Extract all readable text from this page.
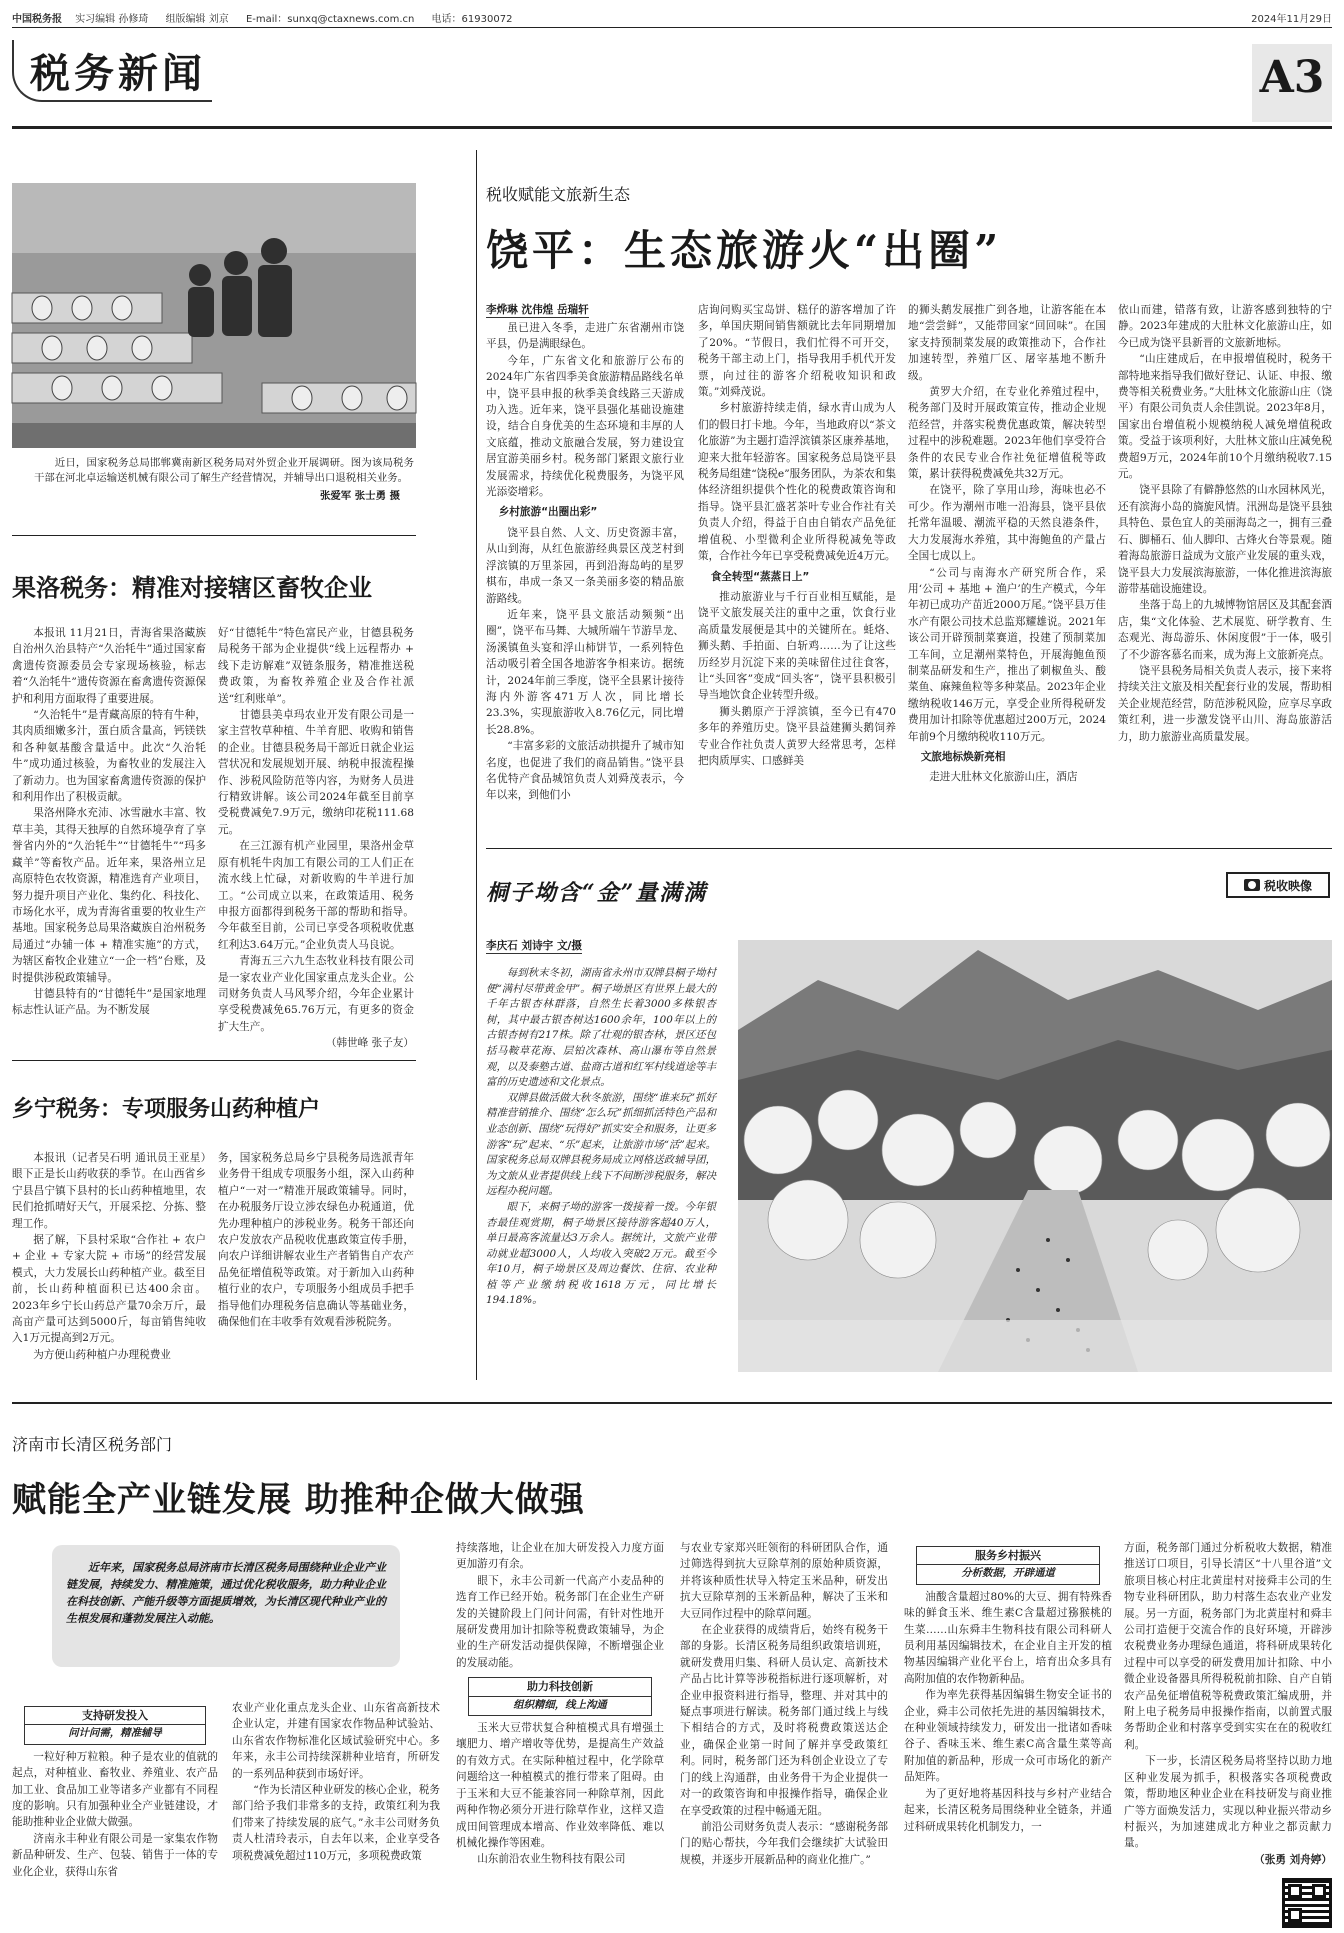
中国税务报 实习编辑 孙修琦 组版编辑 刘京 E-mail：sunxq@ctaxnews.com.cn 电话：61930072	2024年11月29日
税务新闻	A3
近日，国家税务总局邯郸冀南新区税务局对外贸企业开展调研。图为该局税务干部在河北卓运输送机械有限公司了解生产经营情况，并辅导出口退税相关业务。
张爱军 张士勇 摄
果洛税务：精准对接辖区畜牧企业

本报讯 11月21日，青海省果洛藏族自治州久治县特产“久治牦牛”通过国家畜禽遗传资源委员会专家现场核验，标志着“久治牦牛”遗传资源在畜禽遗传资源保护和利用方面取得了重要进展。

“久治牦牛”是青藏高原的特有牛种，其肉质细嫩多汁，蛋白质含量高，钙镁铁和各种氨基酸含量适中。此次“久治牦牛”成功通过核验，为畜牧业的发展注入了新动力。也为国家畜禽遗传资源的保护和利用作出了积极贡献。

果洛州降水充沛、冰雪融水丰富、牧草丰美，其得天独厚的自然环境孕育了享誉省内外的“久治牦牛”“甘德牦牛”“玛多藏羊”等畜牧产品。近年来，果洛州立足高原特色农牧资源，精准选育产业项目，努力提升项目产业化、集约化、科技化、市场化水平，成为青海省重要的牧业生产基地。国家税务总局果洛藏族自治州税务局通过“办辅一体 + 精准实施”的方式，为辖区畜牧企业建立“一企一档”台账，及时提供涉税政策辅导。

甘德县特有的“甘德牦牛”是国家地理标志性认证产品。为不断发展

好“甘德牦牛”特色富民产业，甘德县税务局税务干部为企业提供“线上远程帮办 + 线下走访解难”双链条服务，精准推送税费政策，为畜牧养殖企业及合作社派送“红利账单”。

甘德县美卓玛农业开发有限公司是一家主营牧草种植、牛羊育肥、收购和销售的企业。甘德县税务局干部近日就企业运营状况和发展规划开展、纳税申报流程操作、涉税风险防范等内容，为财务人员进行精致讲解。该公司2024年截至目前享受税费减免7.9万元，缴纳印花税111.68元。

在三江源有机产业园里，果洛州金草原有机牦牛肉加工有限公司的工人们正在流水线上忙碌，对新收购的牛羊进行加工。“公司成立以来，在政策适用、税务申报方面都得到税务干部的帮助和指导。今年截至目前，公司已享受各项税收优惠红利达3.64万元。”企业负责人马良说。

青海五三六九生态牧业科技有限公司是一家农业产业化国家重点龙头企业。公司财务负责人马风琴介绍，今年企业累计享受税费减免65.76万元，有更多的资金扩大生产。

（韩世峰 张子友）
乡宁税务：专项服务山药种植户

本报讯（记者吴石明 通讯员王亚星）眼下正是长山药收获的季节。在山西省乡宁县昌宁镇下县村的长山药种植地里，农民们抢抓晴好天气，开展采挖、分拣、整理工作。

据了解，下县村采取“合作社 + 农户 + 企业 + 专家大院 + 市场”的经营发展模式，大力发展长山药种植产业。截至目前，长山药种植面积已达400余亩。2023年乡宁长山药总产量70余万斤，最高亩产量可达到5000斤，每亩销售纯收入1万元提高到2万元。

为方便山药种植户办理税费业

务，国家税务总局乡宁县税务局选派青年业务骨干组成专项服务小组，深入山药种植户“一对一”精准开展政策辅导。同时，在办税服务厅设立涉农绿色办税通道，优先办理种植户的涉税业务。税务干部还向农户发放农产品税收优惠政策宣传手册，向农户详细讲解农业生产者销售自产农产品免征增值税等政策。对于新加入山药种植行业的农户，专项服务小组成员手把手指导他们办理税务信息确认等基础业务，确保他们在丰收季有效观看涉税院务。

税收赋能文旅新生态
饶平：生态旅游火“出圈”
李烨琳 沈伟煌 岳瑞轩

虽已进入冬季，走进广东省潮州市饶平县，仍是满眼绿色。

今年，广东省文化和旅游厅公布的2024年广东省四季美食旅游精品路线名单中，饶平县申报的秋季美食线路三天游成功入选。近年来，饶平县强化基础设施建设，结合自身优美的生态环境和丰厚的人文底蕴，推动文旅融合发展，努力建设宜居宜游美丽乡村。税务部门紧跟文旅行业发展需求，持续优化税费服务，为饶平风光添姿增彩。

乡村旅游“出圈出彩”

饶平县自然、人文、历史资源丰富，从山到海，从红色旅游经典景区茂芝村到浮滨镇的万里茶园，再到沿海岛屿的星罗棋布，串成一条又一条美丽多姿的精品旅游路线。

近年来，饶平县文旅活动频频“出圈”，饶平布马舞、大城所端午节游旱龙、汤溪镇鱼头宴和浮山柿饼节，一系列特色活动吸引着全国各地游客争相来访。据统计，2024年前三季度，饶平全县累计接待海内外游客471万人次，同比增长23.3%，实现旅游收入8.76亿元，同比增长28.8%。

“丰富多彩的文旅活动拱提升了城市知名度，也促进了我们的商品销售。”饶平县名优特产食品城馆负责人刘舜茂表示，今年以来，到他们小

店询问购买宝岛饼、糕仔的游客增加了许多，单国庆期间销售额就比去年同期增加了20%。“节假日，我们忙得不可开交，税务干部主动上门，指导我用手机代开发票，向过往的游客介绍税收知识和政策。”刘舜茂说。

乡村旅游持续走俏，绿水青山成为人们的假日打卡地。今年，当地政府以“茶文化旅游”为主题打造浮滨镇茶区康养基地，迎来大批年轻游客。国家税务总局饶平县税务局组建“饶税e”服务团队，为茶农和集体经济组织提供个性化的税费政策咨询和指导。饶平县汇盛茗茶叶专业合作社有关负责人介绍，得益于自由自销农产品免征增值税、小型微利企业所得税减免等政策，合作社今年已享受税费减免近4万元。

食全转型“蒸蒸日上”

推动旅游业与千行百业相互赋能，是饶平文旅发展关注的重中之重，饮食行业高质量发展便是其中的关键所在。蚝烙、狮头鹅、手拍面、白斩鸡……为了让这些历经岁月沉淀下来的美味留住过往食客，让“头回客”变成“回头客”，饶平县积极引导当地饮食企业转型升级。

狮头鹅原产于浮滨镇，至今已有470多年的养殖历史。饶平县益建狮头鹅饲养专业合作社负责人黄罗大经常思考，怎样把肉质厚实、口感鲜美

的狮头鹅发展推广到各地，让游客能在本地“尝尝鲜”，又能带回家“回回味”。在国家支持预制菜发展的政策推动下，合作社加速转型，养殖厂区、屠宰基地不断升级。

黄罗大介绍，在专业化养殖过程中，税务部门及时开展政策宣传，推动企业规范经营，并落实税费优惠政策，解决转型过程中的涉税难题。2023年他们享受符合条件的农民专业合作社免征增值税等政策，累计获得税费减免共32万元。

在饶平，除了享用山珍，海味也必不可少。作为潮州市唯一沿海县，饶平县依托常年温暖、潮流平稳的天然良港条件，大力发展海水养殖，其中海鲍鱼的产量占全国七成以上。

“公司与南海水产研究所合作，采用‘公司 + 基地 + 渔户’的生产模式，今年年初已成功产苗近2000万尾。”饶平县万佳水产有限公司技术总监郑耀雄说。2021年该公司开辟预制菜赛道，投建了预制菜加工车间，立足潮州菜特色，开展海鲍鱼预制菜品研发和生产，推出了刺椒鱼头、酸菜鱼、麻辣鱼粒等多种菜品。2023年企业缴纳税收146万元，享受企业所得税研发费用加计扣除等优惠超过200万元，2024年前9个月缴纳税收110万元。

文旅地标焕新亮相

走进大肚林文化旅游山庄，酒店

依山而建，错落有致，让游客感到独特的宁静。2023年建成的大肚林文化旅游山庄，如今已成为饶平县新晋的文旅新地标。

“山庄建成后，在申报增值税时，税务干部特地来指导我们做好登记、认证、申报、缴费等相关税费业务。”大肚林文化旅游山庄（饶平）有限公司负责人余佳凯说。2023年8月，国家出台增值税小规模纳税人减免增值税政策。受益于该项利好，大肚林文旅山庄减免税费超9万元，2024年前10个月缴纳税收7.15元。

饶平县除了有僻静悠然的山水园林风光，还有滨海小岛的旖旎风情。汛洲岛是饶平县独具特色、景色宜人的美丽海岛之一，拥有三叠石、脚桶石、仙人脚印、古烽火台等景观。随着海岛旅游日益成为文旅产业发展的重头戏，饶平县大力发展滨海旅游，一体化推进滨海旅游带基础设施建设。

坐落于岛上的九城博物馆居区及其配套酒店，集“文化体验、艺术展览、研学教育、生态观光、海岛游乐、休闲度假”于一体，吸引了不少游客慕名而来，成为海上文旅新亮点。

饶平县税务局相关负责人表示，接下来将持续关注文旅及相关配套行业的发展，帮助相关企业规范经营，防范涉税风险，应享尽享政策红利，进一步激发饶平山川、海岛旅游活力，助力旅游业高质量发展。

桐子坳含“金”量满满	税收映像
李庆石 刘诗宇 文/摄

每到秋末冬初，湖南省永州市双牌县桐子坳村便“满村尽带黄金甲”。桐子坳景区有世界上最大的千年古银杏林群落，自然生长着3000多株银杏树，其中最古银杏树达1600余年，100年以上的古银杏树有217株。除了壮观的银杏林，景区还包括马鞍草花海、层铂次森林、高山瀑布等自然景观，以及泰塾古道、盐商古道和红军村线道途等丰富的历史遗迹和文化景点。

双牌县做活做大秋冬旅游，围绕“谁来玩”抓好精准营销推介、围绕“怎么玩”抓细抓活特色产品和业态创新、围绕“玩得好”抓实安全和服务，让更多游客“玩”起来、“乐”起来，让旅游市场“活”起来。国家税务总局双牌县税务局成立网格送政辅导团，为文旅从业者提供线上线下不间断涉税服务，解决远程办税问题。

眼下，来桐子坳的游客一拨接着一拨。今年银杏最佳观赏期，桐子坳景区接待游客超40万人，单日最高客流量达3万余人。据统计，文旅产业带动就业超3000人，人均收入突破2万元。截至今年10月，桐子坳景区及周边餐饮、住宿、农业种植等产业缴纳税收1618万元，同比增长194.18%。

济南市长清区税务部门
赋能全产业链发展 助推种企做大做强
近年来，国家税务总局济南市长清区税务局围绕种业企业产业链发展，持续发力、精准施策，通过优化税收服务，助力种业企业在科技创新、产能升级等方面提质增效，为长清区现代种业产业的生根发展和蓬勃发展注入动能。
支持研发投入
问计问需，精准辅导

一粒好种万粒粮。种子是农业的值就的起点，对种植业、畜牧业、养殖业、农产品加工业、食品加工业等诸多产业都有不同程度的影响。只有加强种业全产业链建设，才能助推种业企业做大做强。

济南永丰种业有限公司是一家集农作物新品种研发、生产、包装、销售于一体的专业化企业，获得山东省

农业产业化重点龙头企业、山东省高新技术企业认定，并建有国家农作物品种试验站、山东省农作物标准化区域试验研究中心。多年来，永丰公司持续深耕种业培育，所研发的一系列品种获到市场好评。

“作为长清区种业研发的核心企业，税务部门给予我们非常多的支持，政策红利为我们带来了持续发展的底气。”永丰公司财务负责人杜清玲表示，自去年以来，企业享受各项税费减免超过110万元，多项税费政策

持续落地，让企业在加大研发投入力度方面更加游刃有余。

眼下，永丰公司新一代高产小麦品种的选育工作已经开始。税务部门在企业生产研发的关键阶段上门问计问需，有针对性地开展研发费用加计扣除等税费政策辅导，为企业的生产研发活动提供保障，不断增强企业的发展动能。

助力科技创新
组织精细，线上沟通

玉米大豆带状复合种植模式具有增强土壤肥力、增产增收等优势，是提高生产效益的有效方式。在实际种植过程中，化学除草问题给这一种植模式的推行带来了阻碍。由于玉米和大豆不能兼容同一种除草剂，因此两种作物必须分开进行除草作业，这样又造成田间管理成本增高、作业效率降低、难以机械化操作等困难。

山东前沿农业生物科技有限公司

与农业专家郑兴旺领衔的科研团队合作，通过筛选得到抗大豆除草剂的原始种质资源，并将该种质性状导入特定玉米品种，研发出抗大豆除草剂的玉米新品种，解决了玉米和大豆同作过程中的除草问题。

在企业获得的成绩背后，始终有税务干部的身影。长清区税务局组织政策培训班，就研发费用归集、科研人员认定、高新技术产品占比计算等涉税指标进行逐项解析，对企业申报资料进行指导，整理、并对其中的疑点事项进行解读。税务部门通过线上与线下相结合的方式，及时将税费政策送达企业，确保企业第一时间了解并享受政策红利。同时，税务部门还为科创企业设立了专门的线上沟通群，由业务骨干为企业提供一对一的政策咨询和申报操作指导，确保企业在享受政策的过程中畅通无阻。

前沿公司财务负责人表示：“感谢税务部门的贴心帮扶，今年我们会继续扩大试验田规模，并逐步开展新品种的商业化推广。”

服务乡村振兴
分析数据，开辟通道

油酸含量超过80%的大豆、拥有特殊香味的鲜食玉米、维生素C含量超过猕猴桃的生菜……山东舜丰生物科技有限公司科研人员利用基因编辑技术，在企业自主开发的植物基因编辑产业化平台上，培育出众多具有高附加值的农作物新种品。

作为率先获得基因编辑生物安全证书的企业，舜丰公司依托先进的基因编辑技术，在种业领域持续发力，研发出一批诸如香味谷子、香味玉米、维生素C高含量生菜等高附加值的新品种，形成一众可市场化的新产品矩阵。

为了更好地将基因科技与乡村产业结合起来，长清区税务局围绕种业全链条，并通过科研成果转化机制发力，一

方面，税务部门通过分析税收大数据，精准推送订口项目，引导长清区“十八里谷道”文旅项目核心村庄北黄崖村对接舜丰公司的生物专业科研团队，助力村落生态农业产业发展。另一方面，税务部门为北黄崖村和舜丰公司打造便于交流合作的良好环境，开辟涉农税费业务办理绿色通道，将科研成果转化过程中可以享受的研发费用加计扣除、中小微企业设备器具所得税税前扣除、自产自销农产品免征增值税等税费政策汇编成册，并附上电子税务局申报操作指南，以前置式服务帮助企业和村落享受到实实在在的税收红利。

下一步，长清区税务局将坚持以助力地区种业发展为抓手，积极落实各项税费政策，帮助地区种业企业在科技研发与商业推广等方面焕发活力，实现以种业振兴带动乡村振兴，为加速建成北方种业之都贡献力量。

（张勇 刘舟婷）
